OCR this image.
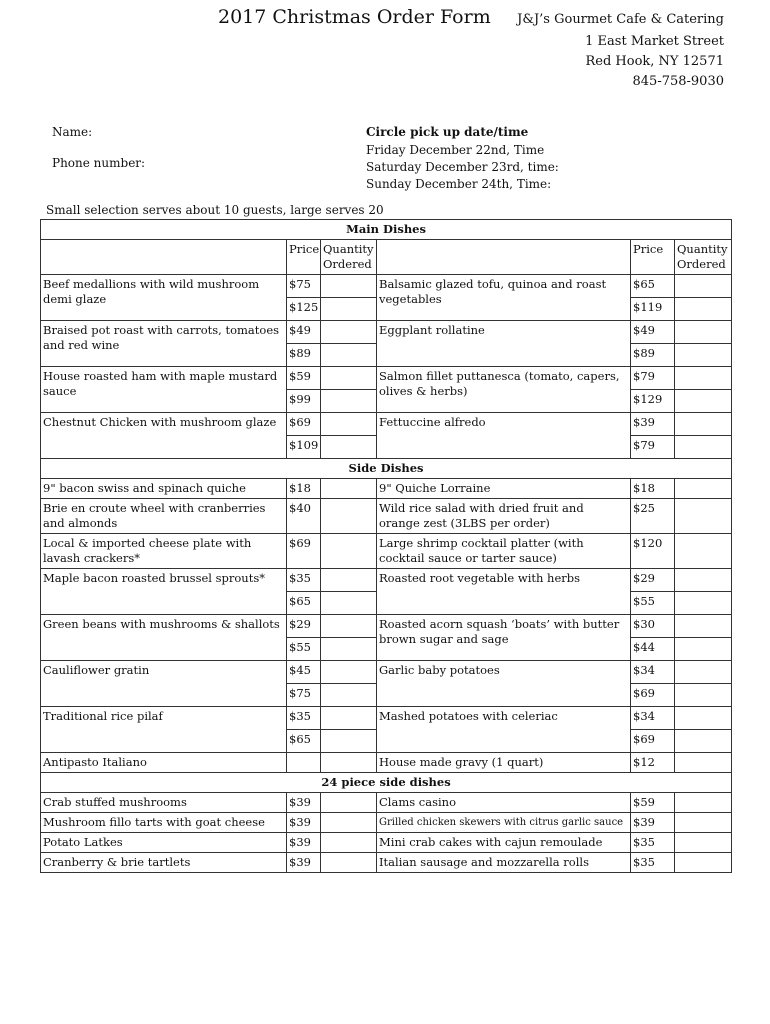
2017 Christmas Order Form J&J’s Gourmet Cafe & Catering
1 East Market Street
Red Hook, NY 12571
845-758-9030
Name:
Phone number:
Circle pick up date/time
Friday December 22nd, Time
Saturday December 23rd, time:
Sunday December 24th, Time:
Small selection serves about 10 guests, large serves 20
Main Dishes					
	Price	Quantity Ordered		Price	Quantity Ordered
Beef medallions with wild mushroom demi glaze	$75		Balsamic glazed tofu, quinoa and roast vegetables	$65	
	$125			$119	
Braised pot roast with carrots, tomatoes and red wine	$49		Eggplant rollatine	$49	
	$89			$89	
House roasted ham with maple mustard sauce	$59		Salmon fillet puttanesca (tomato, capers, olives & herbs)	$79	
	$99			$129	
Chestnut Chicken with mushroom glaze	$69		Fettuccine alfredo	$39	
	$109			$79	
Side Dishes					
9" bacon swiss and spinach quiche	$18		9" Quiche Lorraine	$18	
Brie en croute wheel with cranberries and almonds	$40		Wild rice salad with dried fruit and orange zest (3LBS per order)	$25	
Local & imported cheese plate with lavash crackers*	$69		Large shrimp cocktail platter (with cocktail sauce or tarter sauce)	$120	
Maple bacon roasted brussel sprouts*	$35		Roasted root vegetable with herbs	$29	
	$65			$55	
Green beans with mushrooms & shallots	$29		Roasted acorn squash ‘boats’ with butter brown sugar and sage	$30	
	$55			$44	
Cauliflower gratin	$45		Garlic baby potatoes	$34	
	$75			$69	
Traditional rice pilaf	$35		Mashed potatoes with celeriac	$34	
	$65			$69	
Antipasto Italiano			House made gravy (1 quart)	$12	
24 piece side dishes					
Crab stuffed mushrooms	$39		Clams casino	$59	
Mushroom fillo tarts with goat cheese	$39		Grilled chicken skewers with citrus garlic sauce	$39	
Potato Latkes	$39		Mini crab cakes with cajun remoulade	$35	
Cranberry & brie tartlets	$39		Italian sausage and mozzarella rolls	$35	
